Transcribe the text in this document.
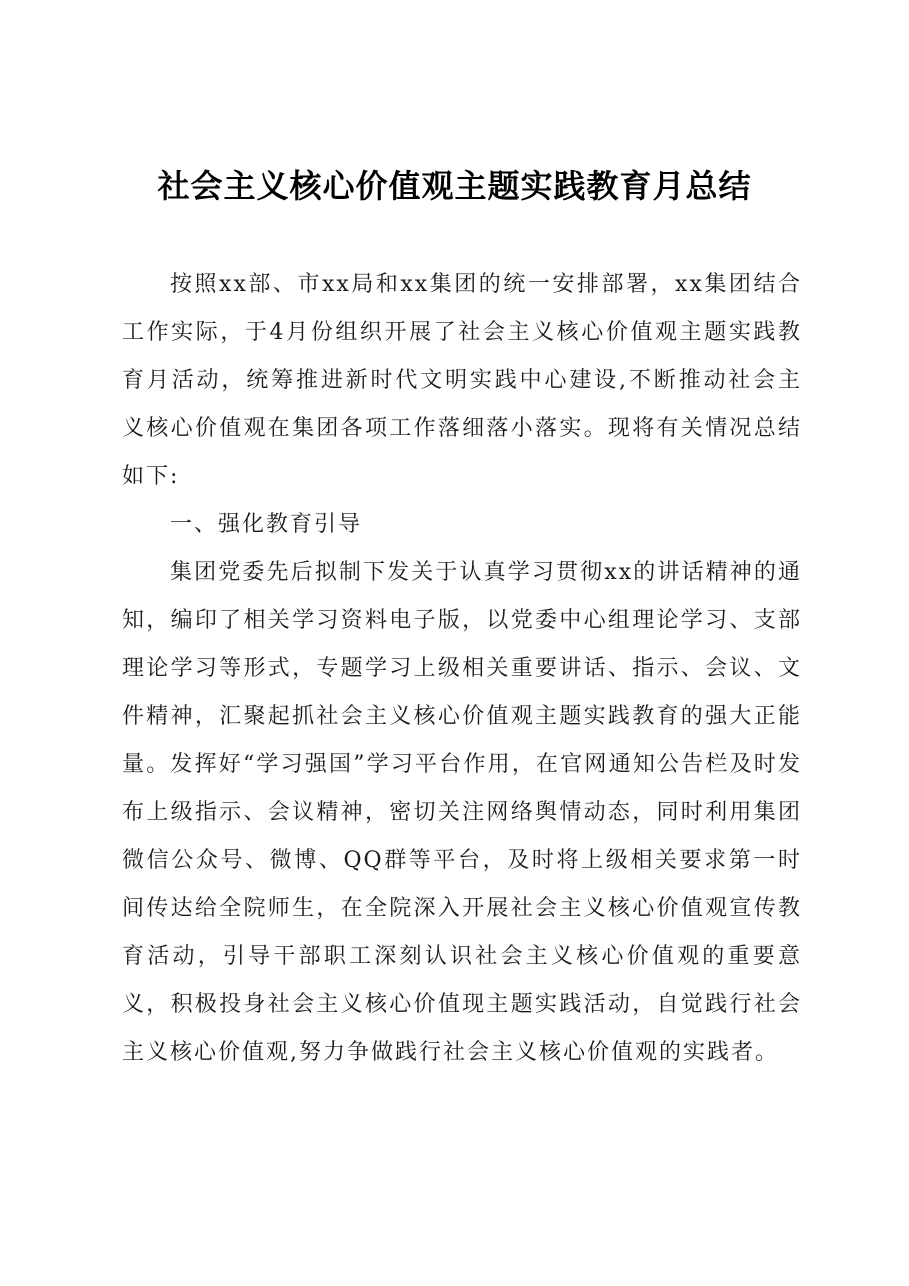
社会主义核心价值观主题实践教育月总结

按照xx部、市xx局和xx集团的统一安排部署，xx集团结合工作实际，于4月份组织开展了社会主义核心价值观主题实践教育月活动，统筹推进新时代文明实践中心建设,不断推动社会主义核心价值观在集团各项工作落细落小落实。现将有关情况总结如下:

一、强化教育引导

集团党委先后拟制下发关于认真学习贯彻xx的讲话精神的通知，编印了相关学习资料电子版，以党委中心组理论学习、支部理论学习等形式，专题学习上级相关重要讲话、指示、会议、文件精神，汇聚起抓社会主义核心价值观主题实践教育的强大正能量。发挥好“学习强国”学习平台作用，在官网通知公告栏及时发布上级指示、会议精神，密切关注网络舆情动态，同时利用集团微信公众号、微博、QQ群等平台，及时将上级相关要求第一时间传达给全院师生，在全院深入开展社会主义核心价值观宣传教育活动，引导干部职工深刻认识社会主义核心价值观的重要意义，积极投身社会主义核心价值现主题实践活动，自觉践行社会主义核心价值观,努力争做践行社会主义核心价值观的实践者。
